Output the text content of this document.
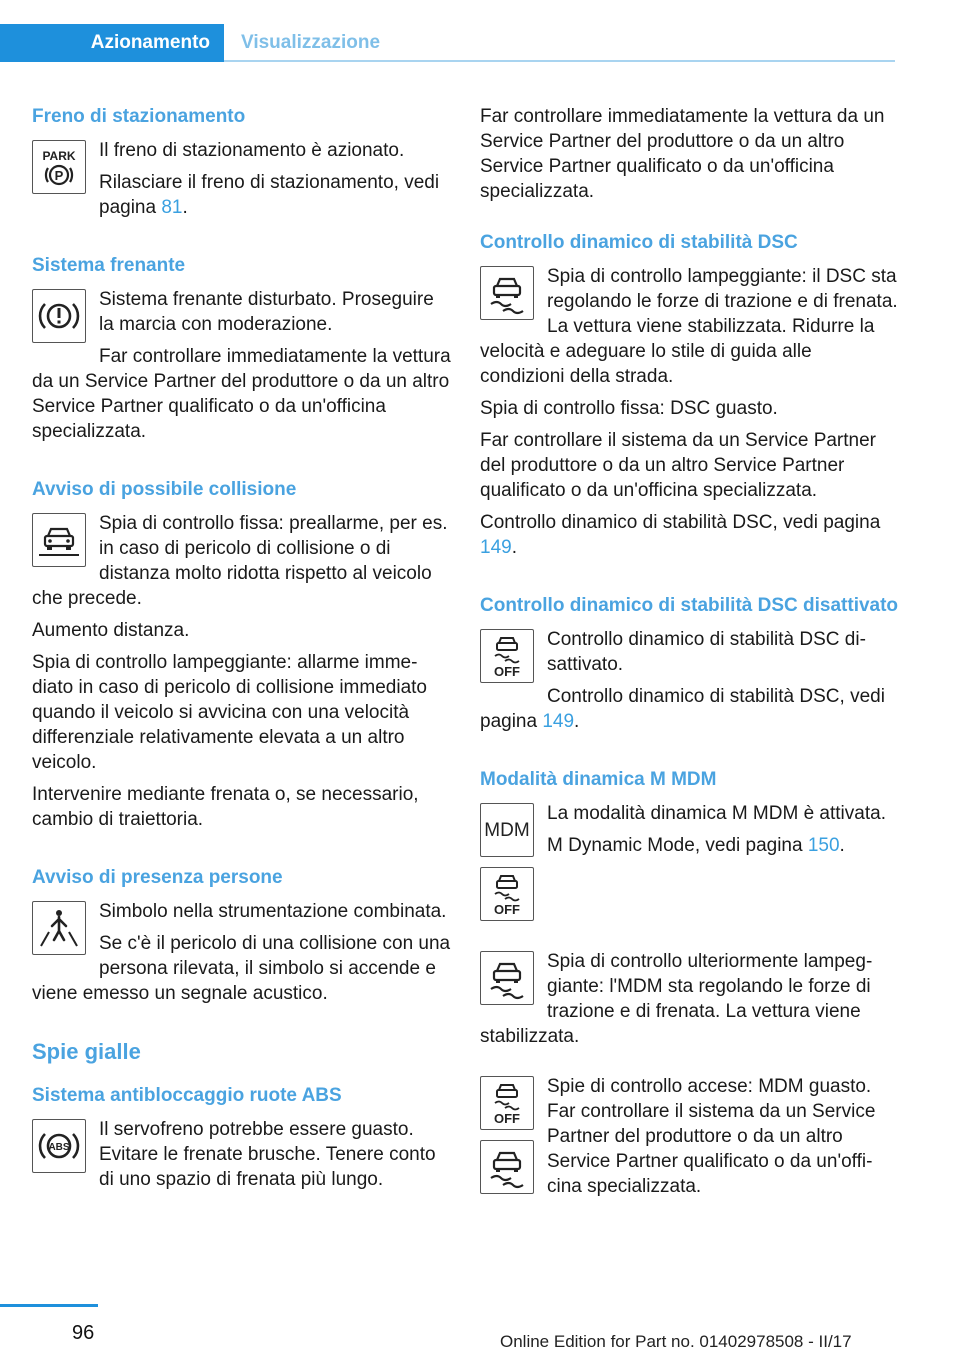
Azionamento	Visualizzazione
Freno di stazionamento
PARK
P

Il freno di stazionamento è azionato.

Rilasciare il freno di stazionamento, vedi pagina 81.

Sistema frenante

Sistema frenante disturbato. Proseguire la marcia con moderazione.

Far controllare immediatamente la vettura da un Service Partner del produttore o da un altro Service Partner qualificato o da un'officina specializzata.

Avviso di possibile collisione

Spia di controllo fissa: preallarme, per es. in caso di pericolo di collisione o di distanza molto ridotta rispetto al veicolo che precede.

Aumento distanza.

Spia di controllo lampeggiante: allarme immediato in caso di pericolo di collisione immediato quando il veicolo si avvicina con una velocità differenziale relativamente elevata a un altro veicolo.

Intervenire mediante frenata o, se necessario, cambio di traiettoria.

Avviso di presenza persone

Simbolo nella strumentazione combinata.

Se c'è il pericolo di una collisione con una persona rilevata, il simbolo si accende e viene emesso un segnale acustico.

Spie gialle
Sistema antibloccaggio ruote ABS
ABS

Il servofreno potrebbe essere guasto. Evitare le frenate brusche. Tenere conto di uno spazio di frenata più lungo.

Far controllare immediatamente la vettura da un Service Partner del produttore o da un altro Service Partner qualificato o da un'officina specializzata.

Controllo dinamico di stabilità DSC

Spia di controllo lampeggiante: il DSC sta regolando le forze di trazione e di frenata. La vettura viene stabilizzata. Ridurre la velocità e adeguare lo stile di guida alle condizioni della strada.

Spia di controllo fissa: DSC guasto.

Far controllare il sistema da un Service Partner del produttore o da un altro Service Partner qualificato o da un'officina specializzata.

Controllo dinamico di stabilità DSC, vedi pagina 149.

Controllo dinamico di stabilità DSC disattivato
OFF

Controllo dinamico di stabilità DSC disattivato.

Controllo dinamico di stabilità DSC, vedi pagina 149.

Modalità dinamica M MDM
MDM
OFF

La modalità dinamica M MDM è attivata.

M Dynamic Mode, vedi pagina 150.

Spia di controllo ulteriormente lampeggiante: l'MDM sta regolando le forze di trazione e di frenata. La vettura viene stabilizzata.

OFF

Spie di controllo accese: MDM guasto. Far controllare il sistema da un Service Partner del produttore o da un altro Service Partner qualificato o da un'officina specializzata.

96	Online Edition for Part no. 01402978508 - II/17
